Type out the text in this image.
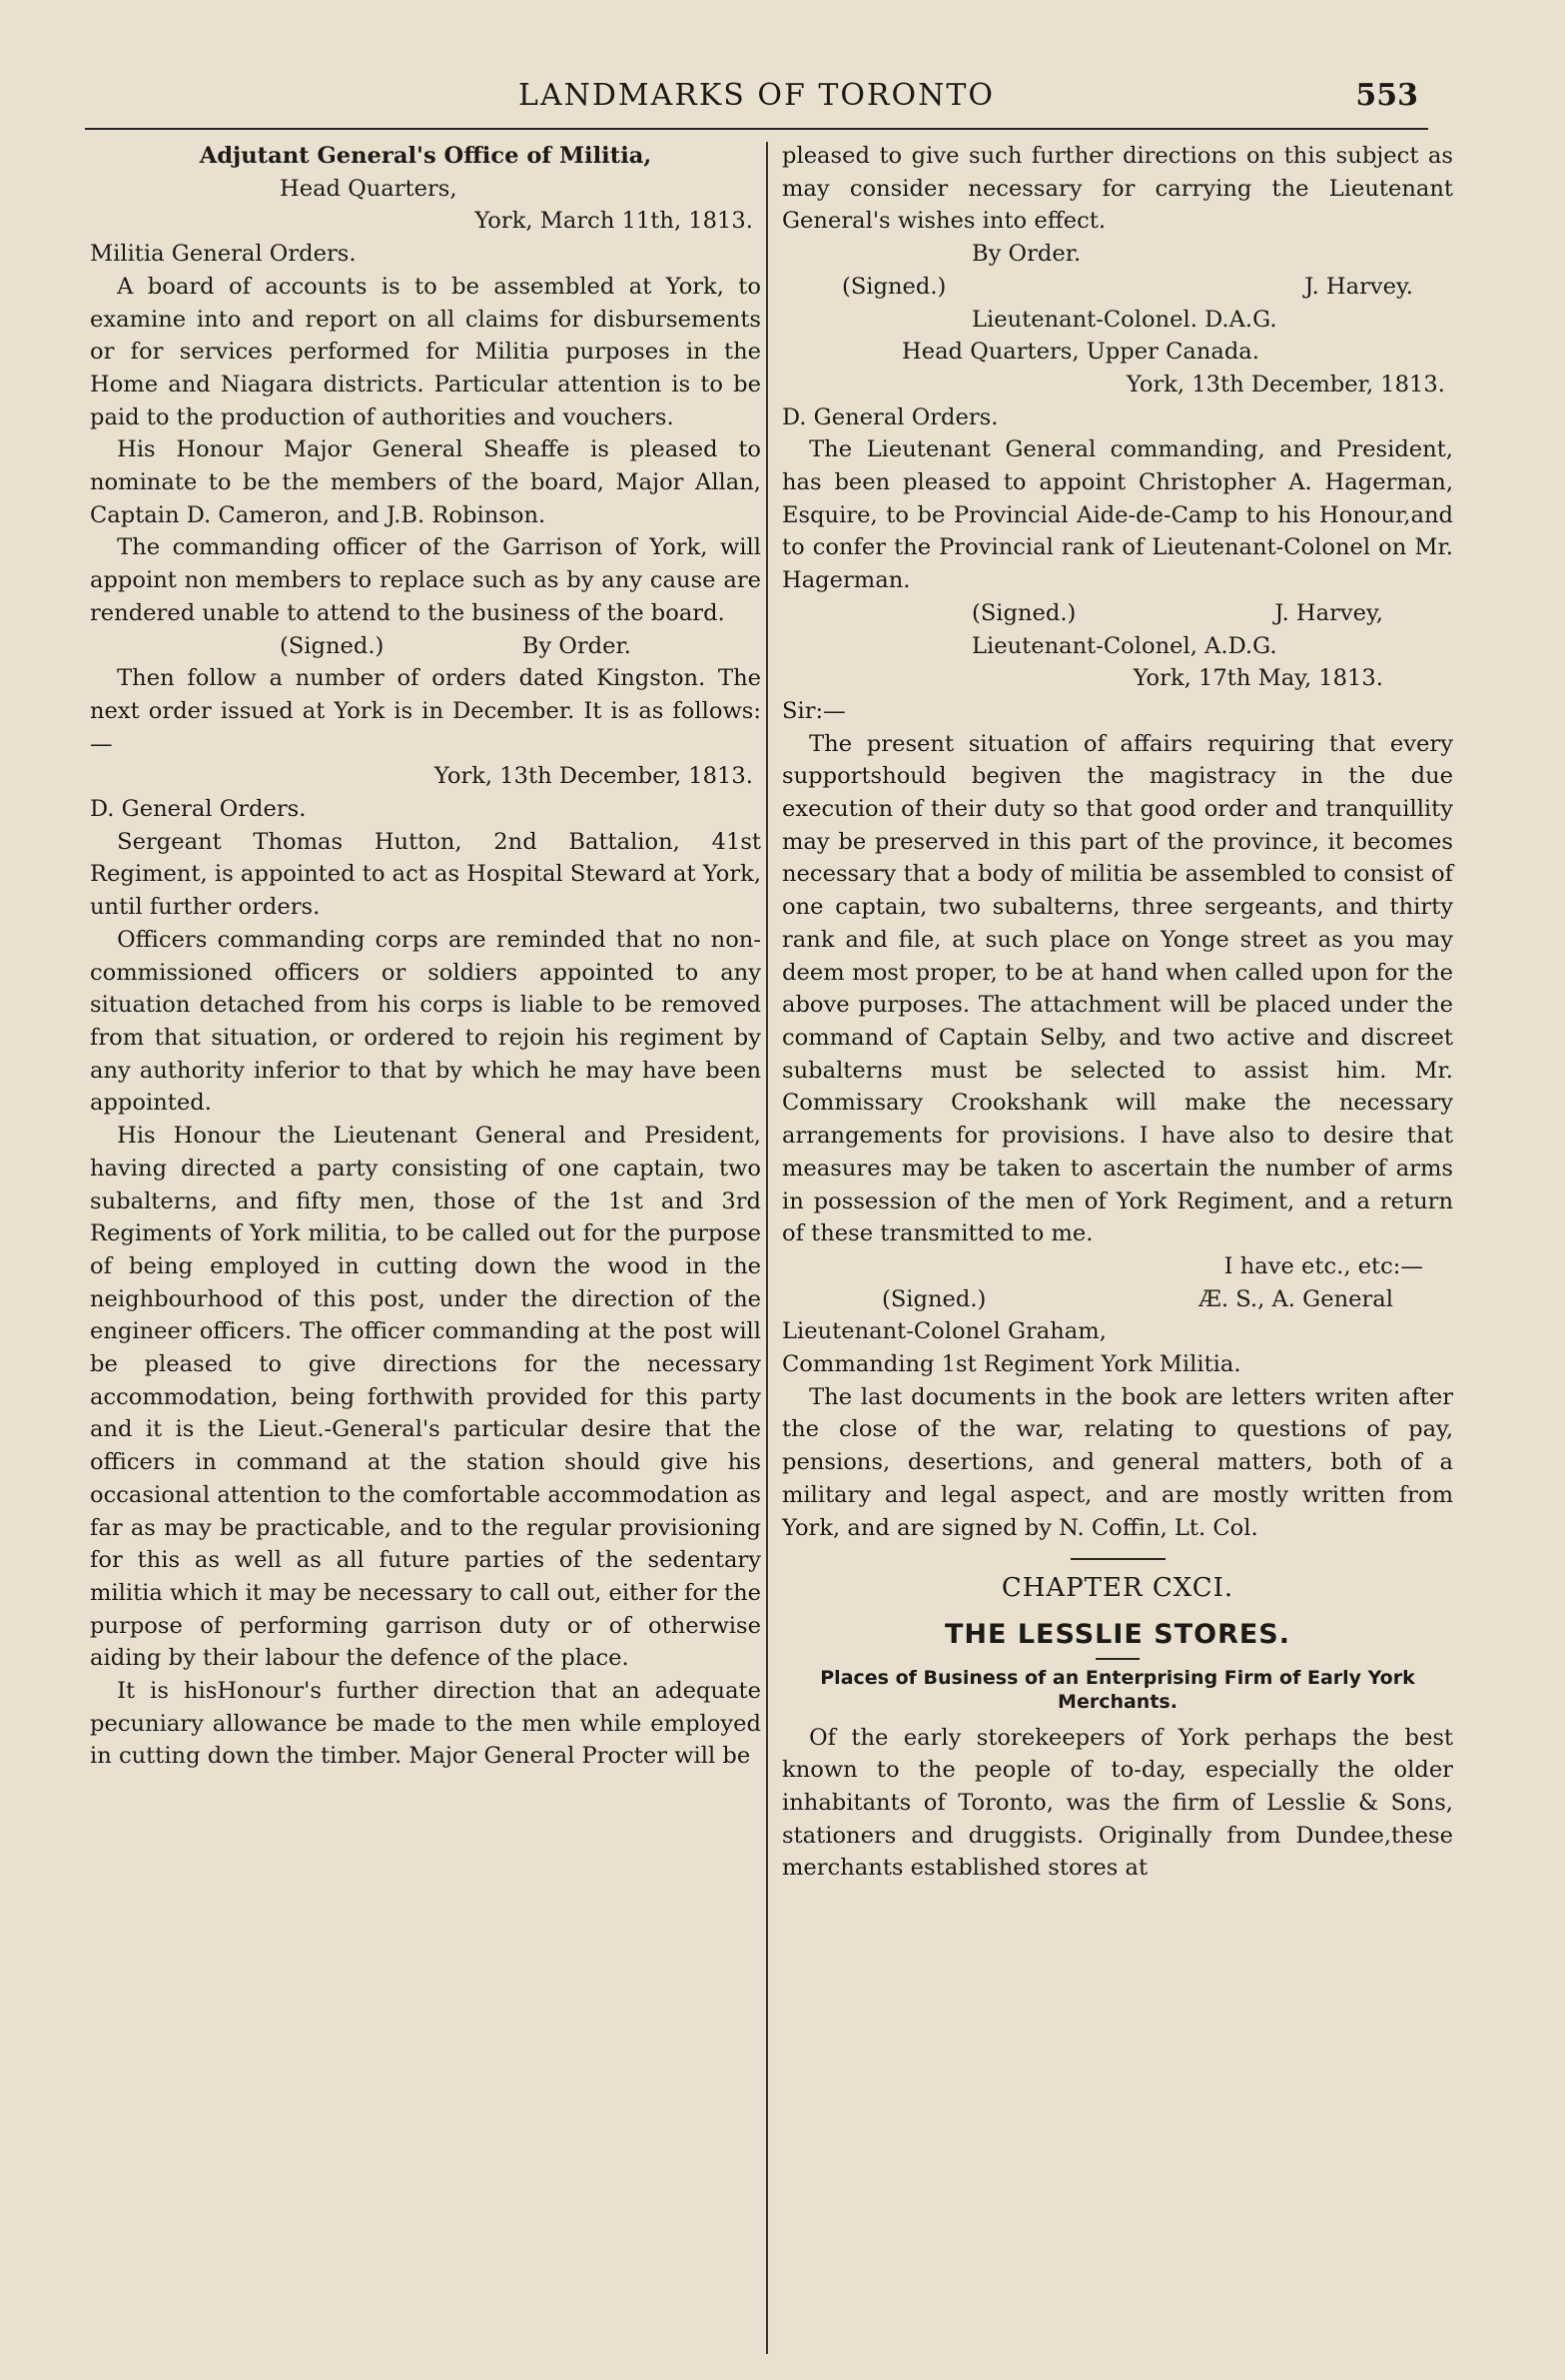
LANDMARKS OF TORONTO	553

Adjutant General's Office of Militia,

Head Quarters,

York, March 11th, 1813.

Militia General Orders.

A board of accounts is to be assembled at York, to examine into and report on all claims for disbursements or for services performed for Militia purposes in the Home and Niagara districts. Particular attention is to be paid to the production of authorities and vouchers.

His Honour Major General Sheaffe is pleased to nominate to be the members of the board, Major Allan, Captain D. Cameron, and J.B. Robinson.

The commanding officer of the Garrison of York, will appoint non members to replace such as by any cause are rendered unable to attend to the business of the board.

(Signed.)	By Order.

Then follow a number of orders dated Kingston. The next order issued at York is in December. It is as follows:—

York, 13th December, 1813.

D. General Orders.

Sergeant Thomas Hutton, 2nd Battalion, 41st Regiment, is appointed to act as Hospital Steward at York, until further orders.

Officers commanding corps are reminded that no non-commissioned officers or soldiers appointed to any situation detached from his corps is liable to be removed from that situation, or ordered to rejoin his regiment by any authority inferior to that by which he may have been appointed.

His Honour the Lieutenant General and President, having directed a party consisting of one captain, two subalterns, and fifty men, those of the 1st and 3rd Regiments of York militia, to be called out for the purpose of being employed in cutting down the wood in the neighbourhood of this post, under the direction of the engineer officers. The officer commanding at the post will be pleased to give directions for the necessary accommodation, being forthwith provided for this party and it is the Lieut.-General's particular desire that the officers in command at the station should give his occasional attention to the comfortable accommodation as far as may be practicable, and to the regular provisioning for this as well as all future parties of the sedentary militia which it may be necessary to call out, either for the purpose of performing garrison duty or of otherwise aiding by their labour the defence of the place.

It is hisHonour's further direction that an adequate pecuniary allowance be made to the men while employed in cutting down the timber. Major General Procter will be

pleased to give such further directions on this subject as may consider necessary for carrying the Lieutenant General's wishes into effect.

By Order.

(Signed.)	J. Harvey.

Lieutenant-Colonel. D.A.G.

Head Quarters, Upper Canada.

York, 13th December, 1813.

D. General Orders.

The Lieutenant General commanding, and President, has been pleased to appoint Christopher A. Hagerman, Esquire, to be Provincial Aide-de-Camp to his Honour,and to confer the Provincial rank of Lieutenant-Colonel on Mr. Hagerman.

(Signed.)	J. Harvey,

Lieutenant-Colonel, A.D.G.

York, 17th May, 1813.

Sir:—

The present situation of affairs requiring that every supportshould begiven the magistracy in the due execution of their duty so that good order and tranquillity may be preserved in this part of the province, it becomes necessary that a body of militia be assembled to consist of one captain, two subalterns, three sergeants, and thirty rank and file, at such place on Yonge street as you may deem most proper, to be at hand when called upon for the above purposes. The attachment will be placed under the command of Captain Selby, and two active and discreet subalterns must be selected to assist him. Mr. Commissary Crookshank will make the necessary arrangements for provisions. I have also to desire that measures may be taken to ascertain the number of arms in possession of the men of York Regiment, and a return of these transmitted to me.

I have etc., etc:—

(Signed.)	Æ. S., A. General

Lieutenant-Colonel Graham,

Commanding 1st Regiment York Militia.

The last documents in the book are letters writen after the close of the war, relating to questions of pay, pensions, desertions, and general matters, both of a military and legal aspect, and are mostly written from York, and are signed by N. Coffin, Lt. Col.

CHAPTER CXCI.

THE LESSLIE STORES.

Places of Business of an Enterprising Firm of Early York Merchants.

Of the early storekeepers of York perhaps the best known to the people of to-day, especially the older inhabitants of Toronto, was the firm of Lesslie & Sons, stationers and druggists. Originally from Dundee,these merchants established stores at
